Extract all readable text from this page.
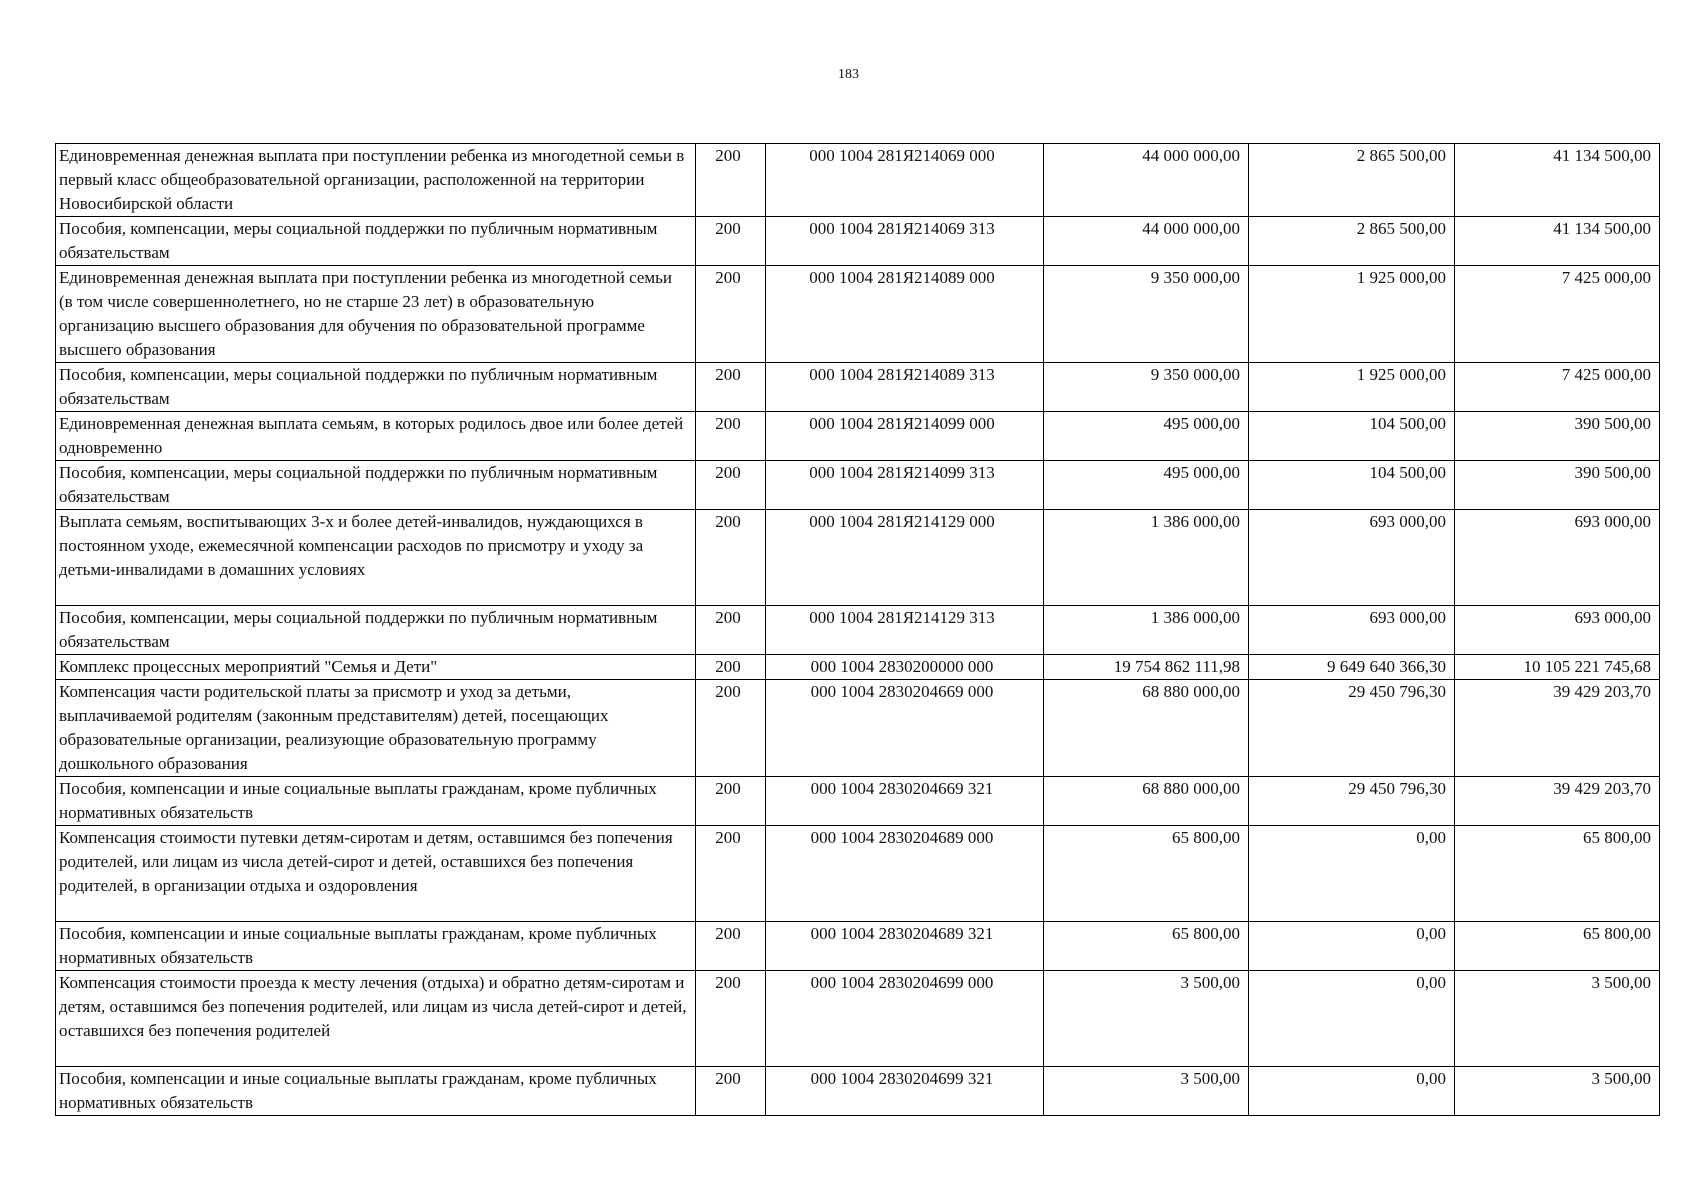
183
Единовременная денежная выплата при поступлении ребенка из многодетной семьи в первый класс общеобразовательной организации, расположенной на территории Новосибирской области	200	000 1004 281Я214069 000	44 000 000,00	2 865 500,00	41 134 500,00
Пособия, компенсации, меры социальной поддержки по публичным нормативным обязательствам	200	000 1004 281Я214069 313	44 000 000,00	2 865 500,00	41 134 500,00
Единовременная денежная выплата при поступлении ребенка из многодетной семьи (в том числе совершеннолетнего, но не старше 23 лет) в образовательную организацию высшего образования для обучения по образовательной программе высшего образования	200	000 1004 281Я214089 000	9 350 000,00	1 925 000,00	7 425 000,00
Пособия, компенсации, меры социальной поддержки по публичным нормативным обязательствам	200	000 1004 281Я214089 313	9 350 000,00	1 925 000,00	7 425 000,00
Единовременная денежная выплата семьям, в которых родилось двое или более детей одновременно	200	000 1004 281Я214099 000	495 000,00	104 500,00	390 500,00
Пособия, компенсации, меры социальной поддержки по публичным нормативным обязательствам	200	000 1004 281Я214099 313	495 000,00	104 500,00	390 500,00
Выплата семьям, воспитывающих 3-х и более детей-инвалидов, нуждающихся в постоянном уходе, ежемесячной компенсации расходов по присмотру и уходу за детьми-инвалидами в домашних условиях	200	000 1004 281Я214129 000	1 386 000,00	693 000,00	693 000,00
Пособия, компенсации, меры социальной поддержки по публичным нормативным обязательствам	200	000 1004 281Я214129 313	1 386 000,00	693 000,00	693 000,00
Комплекс процессных мероприятий "Семья и Дети"	200	000 1004 2830200000 000	19 754 862 111,98	9 649 640 366,30	10 105 221 745,68
Компенсация части родительской платы за присмотр и уход за детьми, выплачиваемой родителям (законным представителям) детей, посещающих образовательные организации, реализующие образовательную программу дошкольного образования	200	000 1004 2830204669 000	68 880 000,00	29 450 796,30	39 429 203,70
Пособия, компенсации и иные социальные выплаты гражданам, кроме публичных нормативных обязательств	200	000 1004 2830204669 321	68 880 000,00	29 450 796,30	39 429 203,70
Компенсация стоимости путевки детям-сиротам и детям, оставшимся без попечения родителей, или лицам из числа детей-сирот и детей, оставшихся без попечения родителей, в организации отдыха и оздоровления	200	000 1004 2830204689 000	65 800,00	0,00	65 800,00
Пособия, компенсации и иные социальные выплаты гражданам, кроме публичных нормативных обязательств	200	000 1004 2830204689 321	65 800,00	0,00	65 800,00
Компенсация стоимости проезда к месту лечения (отдыха) и обратно детям-сиротам и детям, оставшимся без попечения родителей, или лицам из числа детей-сирот и детей, оставшихся без попечения родителей	200	000 1004 2830204699 000	3 500,00	0,00	3 500,00
Пособия, компенсации и иные социальные выплаты гражданам, кроме публичных нормативных обязательств	200	000 1004 2830204699 321	3 500,00	0,00	3 500,00
